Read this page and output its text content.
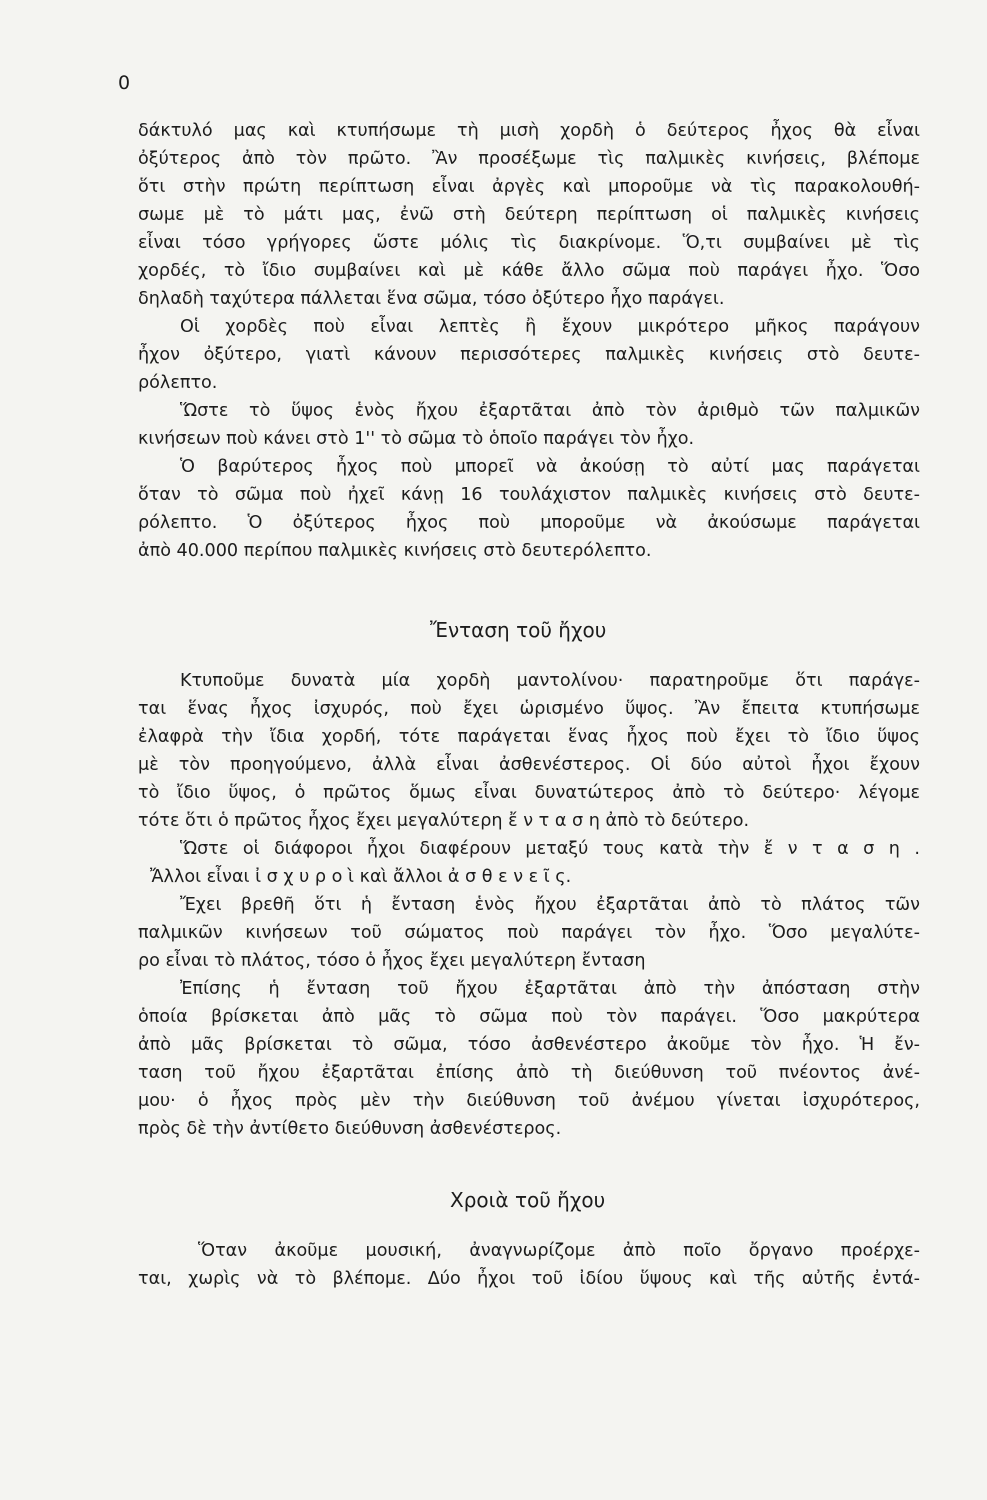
0
δάκτυλό μας καὶ κτυπήσωμε τὴ μισὴ χορδὴ ὁ δεύτερος ἦχος θὰ εἶναι
ὀξύτερος ἀπὸ τὸν πρῶτο. Ἂν προσέξωμε τὶς παλμικὲς κινήσεις, βλέπομε
ὅτι στὴν πρώτη περίπτωση εἶναι ἀργὲς καὶ μποροῦμε νὰ τὶς παρακολουθή-
σωμε μὲ τὸ μάτι μας, ἐνῶ στὴ δεύτερη περίπτωση οἱ παλμικὲς κινήσεις
εἶναι τόσο γρήγορες ὥστε μόλις τὶς διακρίνομε. Ὅ,τι συμβαίνει μὲ τὶς
χορδές, τὸ ἴδιο συμβαίνει καὶ μὲ κάθε ἄλλο σῶμα ποὺ παράγει ἦχο. Ὅσο
δηλαδὴ ταχύτερα πάλλεται ἕνα σῶμα, τόσο ὀξύτερο ἦχο παράγει.
Οἱ χορδὲς ποὺ εἶναι λεπτὲς ἢ ἔχουν μικρότερο μῆκος παράγουν
ἦχον ὀξύτερο, γιατὶ κάνουν περισσότερες παλμικὲς κινήσεις στὸ δευτε-
ρόλεπτο.
Ὥστε τὸ ὕψος ἑνὸς ἤχου ἐξαρτᾶται ἀπὸ τὸν ἀριθμὸ τῶν παλμικῶν
κινήσεων ποὺ κάνει στὸ 1'' τὸ σῶμα τὸ ὁποῖο παράγει τὸν ἦχο.
Ὁ βαρύτερος ἦχος ποὺ μπορεῖ νὰ ἀκούσῃ τὸ αὐτί μας παράγεται
ὅταν τὸ σῶμα ποὺ ἠχεῖ κάνῃ 16 τουλάχιστον παλμικὲς κινήσεις στὸ δευτε-
ρόλεπτο. Ὁ ὀξύτερος ἦχος ποὺ μποροῦμε νὰ ἀκούσωμε παράγεται
ἀπὸ 40.000 περίπου παλμικὲς κινήσεις στὸ δευτερόλεπτο.
Ἔνταση τοῦ ἤχου
Κτυποῦμε δυνατὰ μία χορδὴ μαντολίνου· παρατηροῦμε ὅτι παράγε-
ται ἕνας ἦχος ἰσχυρός, ποὺ ἔχει ὡρισμένο ὕψος. Ἂν ἔπειτα κτυπήσωμε
ἐλαφρὰ τὴν ἴδια χορδή, τότε παράγεται ἕνας ἦχος ποὺ ἔχει τὸ ἴδιο ὕψος
μὲ τὸν προηγούμενο, ἀλλὰ εἶναι ἀσθενέστερος. Οἱ δύο αὐτοὶ ἦχοι ἔχουν
τὸ ἴδιο ὕψος, ὁ πρῶτος ὅμως εἶναι δυνατώτερος ἀπὸ τὸ δεύτερο· λέγομε
τότε ὅτι ὁ πρῶτος ἦχος ἔχει μεγαλύτερη ἔ ν τ α σ η ἀπὸ τὸ δεύτερο.
Ὥστε οἱ διάφοροι ἦχοι διαφέρουν μεταξύ τους κατὰ τὴν ἔ ν τ α σ η .
Ἄλλοι εἶναι ἰ σ χ υ ρ ο ὶ καὶ ἄλλοι ἀ σ θ ε ν ε ῖ ς.
Ἔχει βρεθῆ ὅτι ἡ ἔνταση ἑνὸς ἤχου ἐξαρτᾶται ἀπὸ τὸ πλάτος τῶν
παλμικῶν κινήσεων τοῦ σώματος ποὺ παράγει τὸν ἦχο. Ὅσο μεγαλύτε-
ρο εἶναι τὸ πλάτος, τόσο ὁ ἦχος ἔχει μεγαλύτερη ἔνταση
Ἐπίσης ἡ ἔνταση τοῦ ἤχου ἐξαρτᾶται ἀπὸ τὴν ἀπόσταση στὴν
ὁποία βρίσκεται ἀπὸ μᾶς τὸ σῶμα ποὺ τὸν παράγει. Ὅσο μακρύτερα
ἀπὸ μᾶς βρίσκεται τὸ σῶμα, τόσο ἀσθενέστερο ἀκοῦμε τὸν ἦχο. Ἡ ἔν-
ταση τοῦ ἤχου ἐξαρτᾶται ἐπίσης ἀπὸ τὴ διεύθυνση τοῦ πνέοντος ἀνέ-
μου· ὁ ἦχος πρὸς μὲν τὴν διεύθυνση τοῦ ἀνέμου γίνεται ἰσχυρότερος,
πρὸς δὲ τὴν ἀντίθετο διεύθυνση ἀσθενέστερος.
Χροιὰ τοῦ ἤχου
Ὅταν ἀκοῦμε μουσική, ἀναγνωρίζομε ἀπὸ ποῖο ὄργανο προέρχε-
ται, χωρὶς νὰ τὸ βλέπομε. Δύο ἦχοι τοῦ ἰδίου ὕψους καὶ τῆς αὐτῆς ἐντά-
